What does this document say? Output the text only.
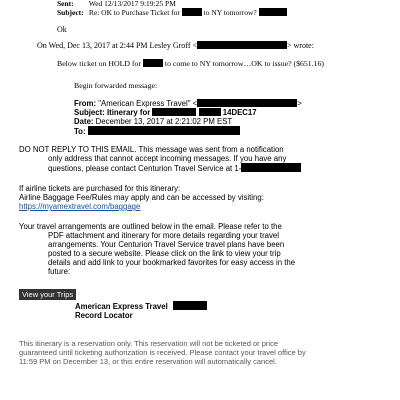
Sent: Wed 12/13/2017 9:19:25 PM
Subject: Re: OK to Purchase Ticket for	to NY tomorrow?
Ok
On Wed, Dec 13, 2017 at 2:44 PM Lesley Groff <	> wrote:
Below ticket on HOLD for	to come to NY tomorrow…OK to issue? ($651.16)
Begin forwarded message:
From: "American Express Travel" <	>
Subject: Itinerary for	14DEC17
Date: December 13, 2017 at 2:21:02 PM EST
To:
DO NOT REPLY TO THIS EMAIL. This message was sent from a notification
only address that cannot accept incoming messages. If you have any
questions, please contact Centurion Travel Service at 1-
If airline tickets are purchased for this itinerary:
Airline Baggage Fee/Rules may apply and can be accessed by visiting:
https://myamextravel.com/baggage
Your travel arrangements are outlined below in the email. Please refer to the
PDF attachment and itinerary for more details regarding your travel
arrangements. Your Centurion Travel Service travel plans have been
posted to a secure website. Please click on the link to view your trip
details and add link to your bookmarked favorites for easy access in the
future:
View your Trips
American Express Travel
Record Locator
This itinerary is a reservation only. This reservation will not be ticketed or price
guaranteed until ticketing authorization is received. Please contact your travel office by
11:59 PM on December 13, or this entire reservation will automatically cancel.
